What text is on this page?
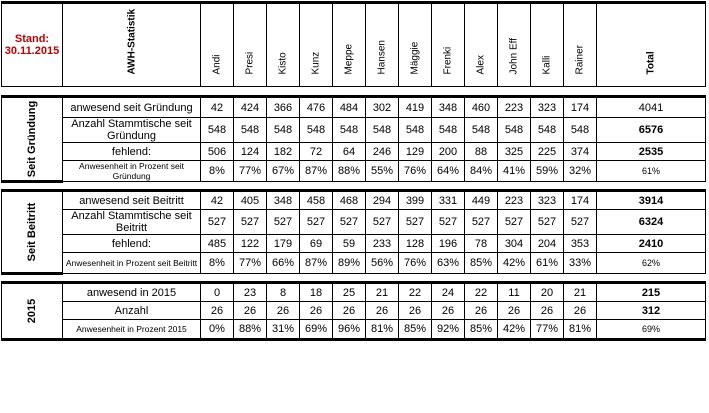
Stand:
30.11.2015	AWH-Statistik	Andi	Presi	Kisto	Kunz	Meppe	Hansen	Mäggie	Frenki	Alex	John Eff	Kalli	Rainer	Total

Seit Gründung	anwesend seit Gründung	42	424	366	476	484	302	419	348	460	223	323	174	4041
	Anzahl Stammtische seit Gründung	548	548	548	548	548	548	548	548	548	548	548	548	6576
	fehlend:	506	124	182	72	64	246	129	200	88	325	225	374	2535
	Anwesenheit in Prozent seit Gründung	8%	77%	67%	87%	88%	55%	76%	64%	84%	41%	59%	32%	61%

Seit Beitritt	anwesend seit Beitritt	42	405	348	458	468	294	399	331	449	223	323	174	3914
	Anzahl Stammtische seit Beitritt	527	527	527	527	527	527	527	527	527	527	527	527	6324
	fehlend:	485	122	179	69	59	233	128	196	78	304	204	353	2410
	Anwesenheit in Prozent seit Beitritt	8%	77%	66%	87%	89%	56%	76%	63%	85%	42%	61%	33%	62%

2015	anwesend in 2015	0	23	8	18	25	21	22	24	22	11	20	21	215
	Anzahl	26	26	26	26	26	26	26	26	26	26	26	26	312
	Anwesenheit in Prozent 2015	0%	88%	31%	69%	96%	81%	85%	92%	85%	42%	77%	81%	69%
